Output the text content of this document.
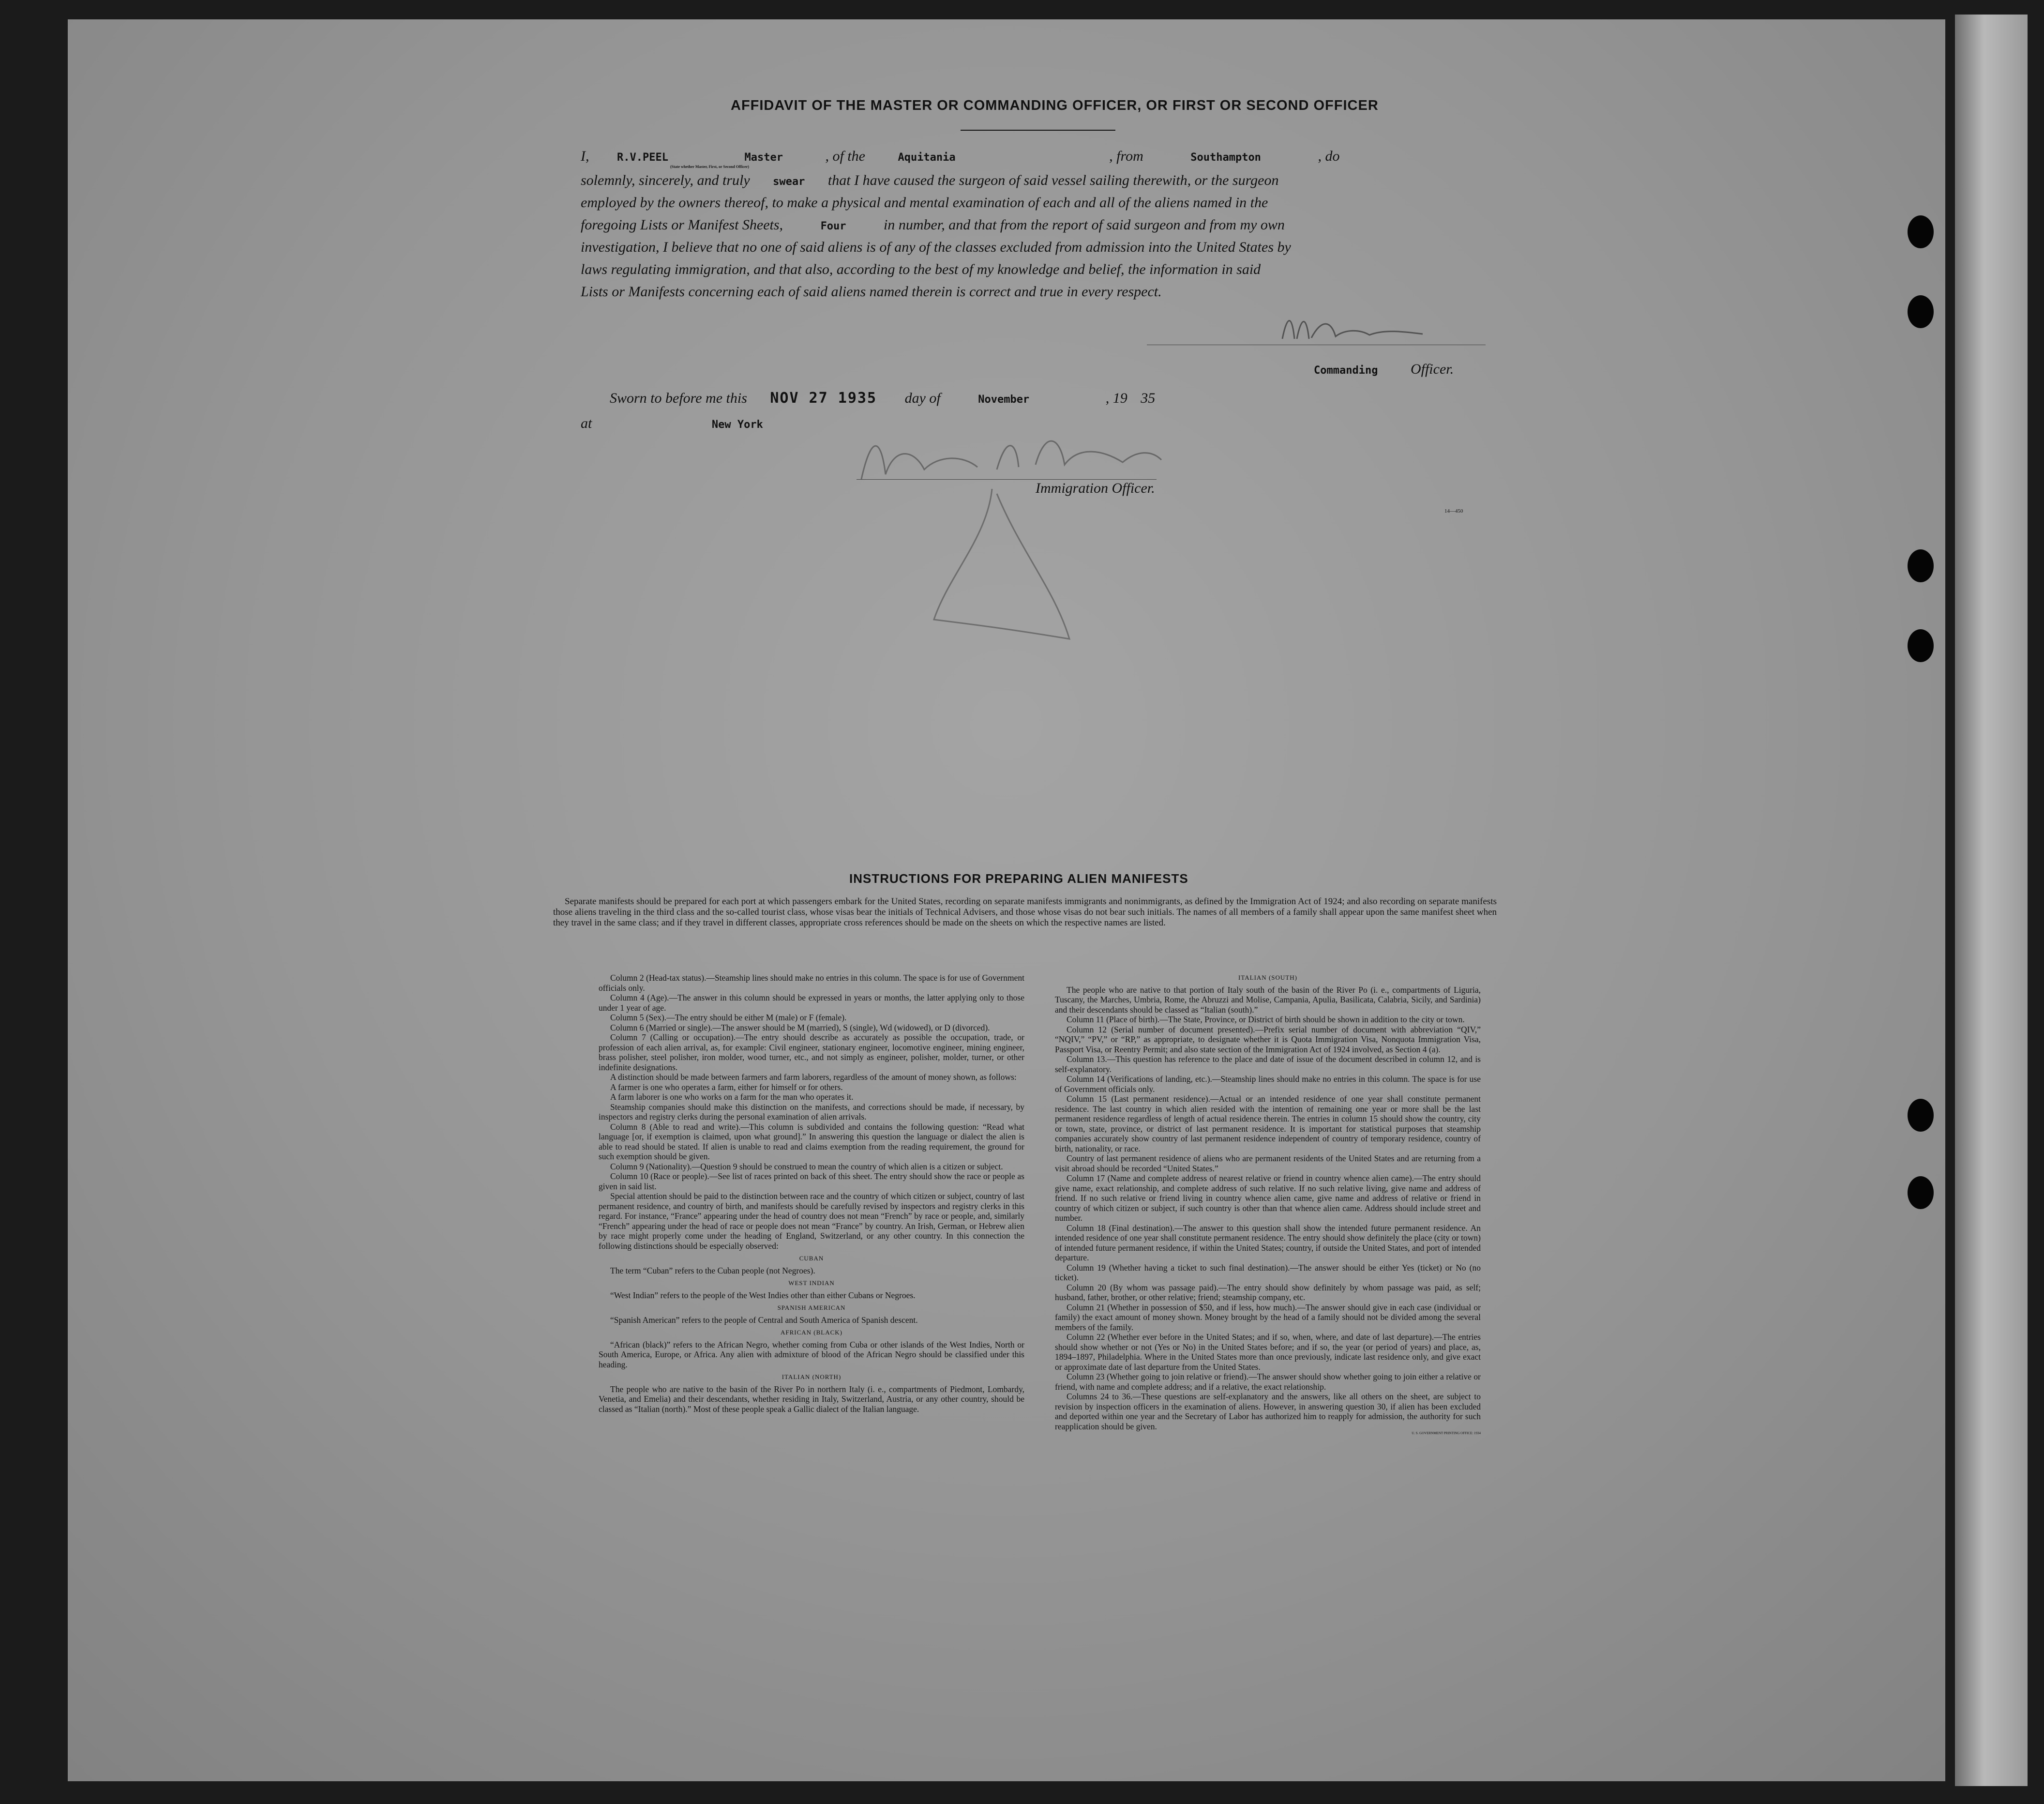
AFFIDAVIT OF THE MASTER OR COMMANDING OFFICER, OR FIRST OR SECOND OFFICER
I,	R.V.PEEL	Master	, of the	Aquitania	, from	Southampton	, do
(State whether Master, First, or Second Officer)
solemnly, sincerely, and truly swear that I have caused the surgeon of said vessel sailing therewith, or the surgeon
employed by the owners thereof, to make a physical and mental examination of each and all of the aliens named in the
foregoing Lists or Manifest Sheets,	Four	in number, and that from the report of said surgeon and from my own
investigation, I believe that no one of said aliens is of any of the classes excluded from admission into the United States by
laws regulating immigration, and that also, according to the best of my knowledge and belief, the information in said
Lists or Manifests concerning each of said aliens named therein is correct and true in every respect.
Commanding Officer.
Sworn to before me this NOV 27 1935 day of	November	, 19 35
at	New York
Immigration Officer.
14—450
INSTRUCTIONS FOR PREPARING ALIEN MANIFESTS

Separate manifests should be prepared for each port at which passengers embark for the United States, recording on separate manifests immigrants and nonimmigrants, as defined by the Immigration Act of 1924; and also recording on separate manifests those aliens traveling in the third class and the so-called tourist class, whose visas bear the initials of Technical Advisers, and those whose visas do not bear such initials. The names of all members of a family shall appear upon the same manifest sheet when they travel in the same class; and if they travel in different classes, appropriate cross references should be made on the sheets on which the respective names are listed.

Column 2 (Head-tax status).—Steamship lines should make no entries in this column. The space is for use of Government officials only.

Column 4 (Age).—The answer in this column should be expressed in years or months, the latter applying only to those under 1 year of age.

Column 5 (Sex).—The entry should be either M (male) or F (female).

Column 6 (Married or single).—The answer should be M (married), S (single), Wd (widowed), or D (divorced).

Column 7 (Calling or occupation).—The entry should describe as accurately as possible the occupation, trade, or profession of each alien arrival, as, for example: Civil engineer, stationary engineer, locomotive engineer, mining engineer, brass polisher, steel polisher, iron molder, wood turner, etc., and not simply as engineer, polisher, molder, turner, or other indefinite designations.

A distinction should be made between farmers and farm laborers, regardless of the amount of money shown, as follows:

A farmer is one who operates a farm, either for himself or for others.

A farm laborer is one who works on a farm for the man who operates it.

Steamship companies should make this distinction on the manifests, and corrections should be made, if necessary, by inspectors and registry clerks during the personal examination of alien arrivals.

Column 8 (Able to read and write).—This column is subdivided and contains the following question: “Read what language [or, if exemption is claimed, upon what ground].” In answering this question the language or dialect the alien is able to read should be stated. If alien is unable to read and claims exemption from the reading requirement, the ground for such exemption should be given.

Column 9 (Nationality).—Question 9 should be construed to mean the country of which alien is a citizen or subject.

Column 10 (Race or people).—See list of races printed on back of this sheet. The entry should show the race or people as given in said list.

Special attention should be paid to the distinction between race and the country of which citizen or subject, country of last permanent residence, and country of birth, and manifests should be carefully revised by inspectors and registry clerks in this regard. For instance, “France” appearing under the head of country does not mean “French” by race or people, and, similarly “French” appearing under the head of race or people does not mean “France” by country. An Irish, German, or Hebrew alien by race might properly come under the heading of England, Switzerland, or any other country. In this connection the following distinctions should be especially observed:

CUBAN

The term “Cuban” refers to the Cuban people (not Negroes).

WEST INDIAN

“West Indian” refers to the people of the West Indies other than either Cubans or Negroes.

SPANISH AMERICAN

“Spanish American” refers to the people of Central and South America of Spanish descent.

AFRICAN (BLACK)

“African (black)” refers to the African Negro, whether coming from Cuba or other islands of the West Indies, North or South America, Europe, or Africa. Any alien with admixture of blood of the African Negro should be classified under this heading.

ITALIAN (NORTH)

The people who are native to the basin of the River Po in northern Italy (i. e., compartments of Piedmont, Lombardy, Venetia, and Emelia) and their descendants, whether residing in Italy, Switzerland, Austria, or any other country, should be classed as “Italian (north).” Most of these people speak a Gallic dialect of the Italian language.

ITALIAN (SOUTH)

The people who are native to that portion of Italy south of the basin of the River Po (i. e., compartments of Liguria, Tuscany, the Marches, Umbria, Rome, the Abruzzi and Molise, Campania, Apulia, Basilicata, Calabria, Sicily, and Sardinia) and their descendants should be classed as “Italian (south).”

Column 11 (Place of birth).—The State, Province, or District of birth should be shown in addition to the city or town.

Column 12 (Serial number of document presented).—Prefix serial number of document with abbreviation “QIV,” “NQIV,” “PV,” or “RP,” as appropriate, to designate whether it is Quota Immigration Visa, Nonquota Immigration Visa, Passport Visa, or Reentry Permit; and also state section of the Immigration Act of 1924 involved, as Section 4 (a).

Column 13.—This question has reference to the place and date of issue of the document described in column 12, and is self-explanatory.

Column 14 (Verifications of landing, etc.).—Steamship lines should make no entries in this column. The space is for use of Government officials only.

Column 15 (Last permanent residence).—Actual or an intended residence of one year shall constitute permanent residence. The last country in which alien resided with the intention of remaining one year or more shall be the last permanent residence regardless of length of actual residence therein. The entries in column 15 should show the country, city or town, state, province, or district of last permanent residence. It is important for statistical purposes that steamship companies accurately show country of last permanent residence independent of country of temporary residence, country of birth, nationality, or race.

Country of last permanent residence of aliens who are permanent residents of the United States and are returning from a visit abroad should be recorded “United States.”

Column 17 (Name and complete address of nearest relative or friend in country whence alien came).—The entry should give name, exact relationship, and complete address of such relative. If no such relative living, give name and address of friend. If no such relative or friend living in country whence alien came, give name and address of relative or friend in country of which citizen or subject, if such country is other than that whence alien came. Address should include street and number.

Column 18 (Final destination).—The answer to this question shall show the intended future permanent residence. An intended residence of one year shall constitute permanent residence. The entry should show definitely the place (city or town) of intended future permanent residence, if within the United States; country, if outside the United States, and port of intended departure.

Column 19 (Whether having a ticket to such final destination).—The answer should be either Yes (ticket) or No (no ticket).

Column 20 (By whom was passage paid).—The entry should show definitely by whom passage was paid, as self; husband, father, brother, or other relative; friend; steamship company, etc.

Column 21 (Whether in possession of $50, and if less, how much).—The answer should give in each case (individual or family) the exact amount of money shown. Money brought by the head of a family should not be divided among the several members of the family.

Column 22 (Whether ever before in the United States; and if so, when, where, and date of last departure).—The entries should show whether or not (Yes or No) in the United States before; and if so, the year (or period of years) and place, as, 1894–1897, Philadelphia. Where in the United States more than once previously, indicate last residence only, and give exact or approximate date of last departure from the United States.

Column 23 (Whether going to join relative or friend).—The answer should show whether going to join either a relative or friend, with name and complete address; and if a relative, the exact relationship.

Columns 24 to 36.—These questions are self-explanatory and the answers, like all others on the sheet, are subject to revision by inspection officers in the examination of aliens. However, in answering question 30, if alien has been excluded and deported within one year and the Secretary of Labor has authorized him to reapply for admission, the authority for such reapplication should be given.

U. S. GOVERNMENT PRINTING OFFICE: 1934
